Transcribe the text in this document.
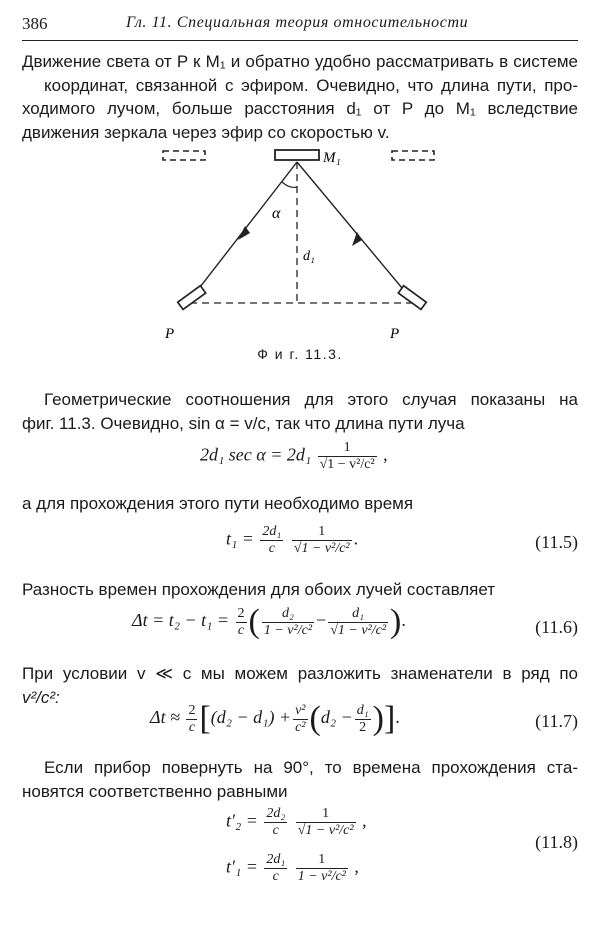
386	Гл. 11. Специальная теория относительности
Движение света от P к M₁ и обратно удобно рассматривать в системе
координат, связанной с эфиром. Очевидно, что длина пути, про-
ходимого лучом, больше расстояния d₁ от P до M₁ вследствие
движения зеркала через эфир со скоростью v.
M₁
α
d₁
P	P
Ф и г. 11.3.
Геометрические соотношения для этого случая показаны на
фиг. 11.3. Очевидно, sin α = v/c, так что длина пути луча
2d₁ $\sec \alpha = 2d_1 \frac{1}{\text{√1 − v²/c²}}$ ,
а для прохождения этого пути необходимо время
$t_1 = \frac{\text{2d₁}}{c}$
$\frac{1}{\text{√1 − v²/c²}}$ .	(11.5)
Разность времен прохождения для обоих лучей составляет
$\Delta t = t_2 - t_1 = \frac{2}{c}$ ( $\frac{\text{d₂}}{\text{1 − v²/c²}} - \frac{\text{d₁}}{\text{√1 − v²/c²}}$ ).	(11.6)
При условии v ≪ c мы можем разложить знаменатели в ряд по
v²/c²:
$\Delta t \approx \frac{2}{c} [(d_2 - d_1) + \frac{\text{v²}}{\text{c²}} (d_2 - \frac{\text{d₁}}{2}$ )].	(11.7)
Если прибор повернуть на 90°, то времена прохождения ста-
новятся соответственно равными
$t'_2 = \frac{\text{2d₂}}{c}$
$\frac{1}{\text{√1 − v²/c²}}$ ,
$t'_1 = \frac{\text{2d₁}}{c}$
$\frac{1}{\text{1 − v²/c²}}$ ,
(11.8)
